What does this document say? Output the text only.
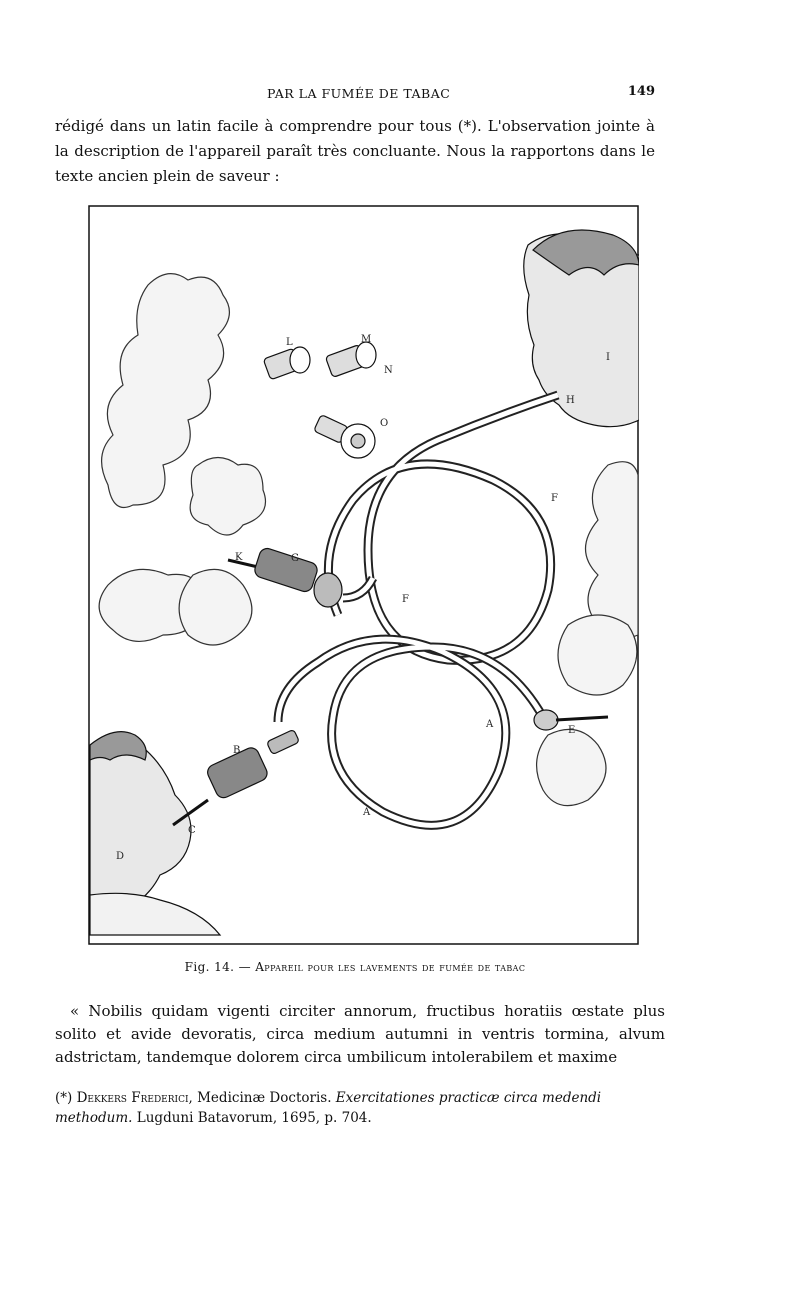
PAR LA FUMÉE DE TABAC	149

rédigé dans un latin facile à comprendre pour tous (*). L'observation jointe à la description de l'appareil paraît très concluante. Nous la rapportons dans le texte ancien plein de saveur :

L	M
N
O
I
H
F
F
K	G
A
A
B
C
D
E
Fig. 14. — Appareil pour les lavements de fumée de tabac

« Nobilis quidam vigenti circiter annorum, fructibus horatiis œstate plus solito et avide devoratis, circa medium autumni in ventris tormina, alvum adstrictam, tandemque dolorem circa umbilicum intolerabilem et maxime

(*) Dekkers Frederici, Medicinæ Doctoris. Exercitationes practicæ circa medendi methodum. Lugduni Batavorum, 1695, p. 704.
